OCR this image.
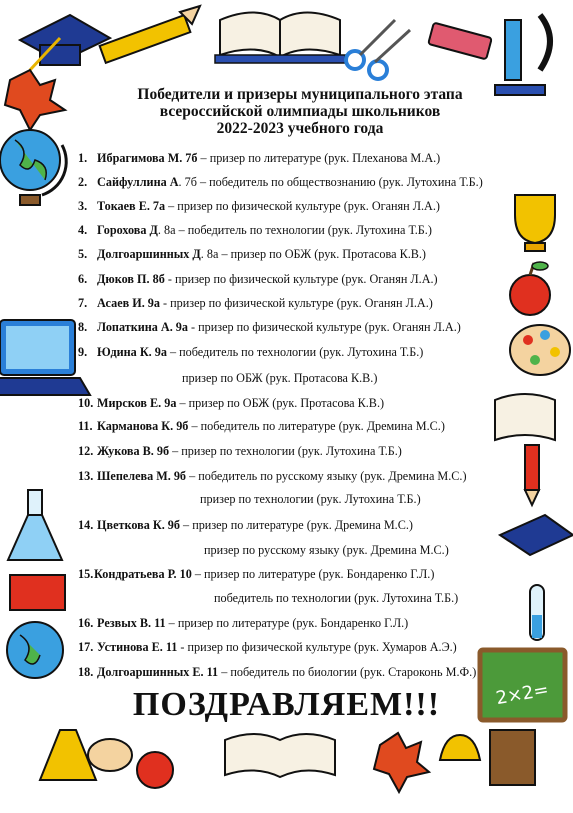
2×2=
Победители и призеры муниципального этапа
всероссийской олимпиады школьников
2022-2023 учебного года
1. Ибрагимова М. 7б – призер по литературе (рук. Плеханова М.А.)
2. Сайфуллина А. 7б – победитель по обществознанию (рук. Лутохина Т.Б.)
3. Токаев Е. 7а – призер по физической культуре (рук. Оганян Л.А.)
4. Горохова Д. 8а – победитель по технологии (рук. Лутохина Т.Б.)
5. Долгоаршинных Д. 8а – призер по ОБЖ (рук. Протасова К.В.)
6. Дюков П. 8б - призер по физической культуре (рук. Оганян Л.А.)
7. Асаев И. 9а - призер по физической культуре (рук. Оганян Л.А.)
8. Лопаткина А. 9а - призер по физической культуре (рук. Оганян Л.А.)
9. Юдина К. 9а – победитель по технологии (рук. Лутохина Т.Б.)
призер по ОБЖ (рук. Протасова К.В.)
10. Мирсков Е. 9а – призер по ОБЖ (рук. Протасова К.В.)
11. Карманова К. 9б – победитель по литературе (рук. Дремина М.С.)
12. Жукова В. 9б – призер по технологии (рук. Лутохина Т.Б.)
13. Шепелева М. 9б – победитель по русскому языку (рук. Дремина М.С.)
призер по технологии (рук. Лутохина Т.Б.)
14. Цветкова К. 9б – призер по литературе (рук. Дремина М.С.)
призер по русскому языку (рук. Дремина М.С.)
15.Кондратьева Р. 10 – призер по литературе (рук. Бондаренко Г.Л.)
победитель по технологии (рук. Лутохина Т.Б.)
16. Резвых В. 11 – призер по литературе (рук. Бондаренко Г.Л.)
17. Устинова Е. 11 - призер по физической культуре (рук. Хумаров А.Э.)
18. Долгоаршинных Е. 11 – победитель по биологии (рук. Староконь М.Ф.)
ПОЗДРАВЛЯЕМ!!!
